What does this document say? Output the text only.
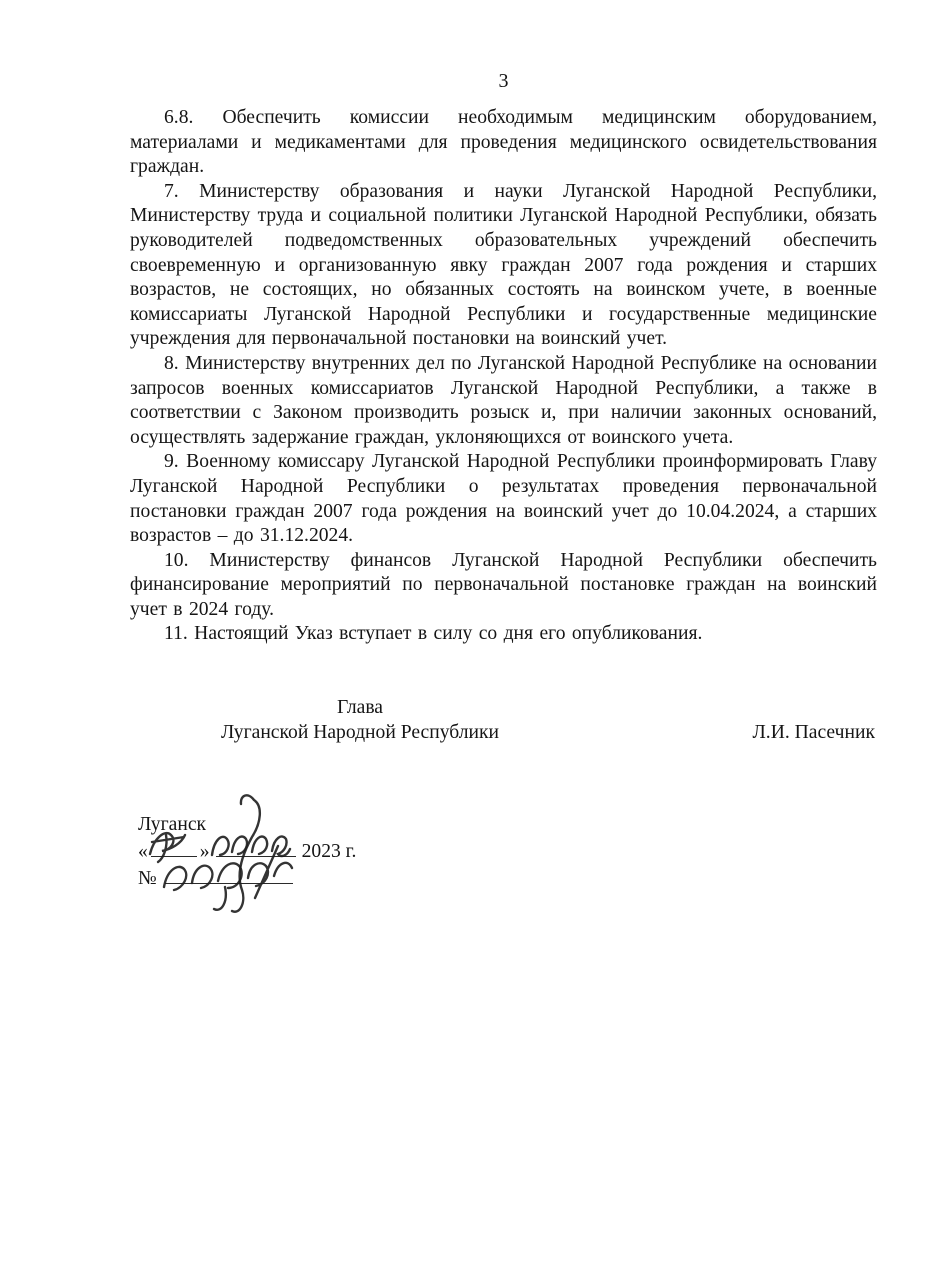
3

6.8. Обеспечить комиссии необходимым медицинским оборудованием, материалами и медикаментами для проведения медицинского освидетельствования граждан.

7. Министерству образования и науки Луганской Народной Республики, Министерству труда и социальной политики Луганской Народной Республики, обязать руководителей подведомственных образовательных учреждений обеспечить своевременную и организованную явку граждан 2007 года рождения и старших возрастов, не состоящих, но обязанных состоять на воинском учете, в военные комиссариаты Луганской Народной Республики и государственные медицинские учреждения для первоначальной постановки на воинский учет.

8. Министерству внутренних дел по Луганской Народной Республике на основании запросов военных комиссариатов Луганской Народной Республики, а также в соответствии с Законом производить розыск и, при наличии законных оснований, осуществлять задержание граждан, уклоняющихся от воинского учета.

9. Военному комиссару Луганской Народной Республики проинформировать Главу Луганской Народной Республики о результатах проведения первоначальной постановки граждан 2007 года рождения на воинский учет до 10.04.2024, а старших возрастов – до 31.12.2024.

10. Министерству финансов Луганской Народной Республики обеспечить финансирование мероприятий по первоначальной постановке граждан на воинский учет в 2024 году.

11. Настоящий Указ вступает в силу со дня его опубликования.

Глава
Луганской Народной Республики	Л.И. Пасечник
Луганск
«	»	2023 г.
№
